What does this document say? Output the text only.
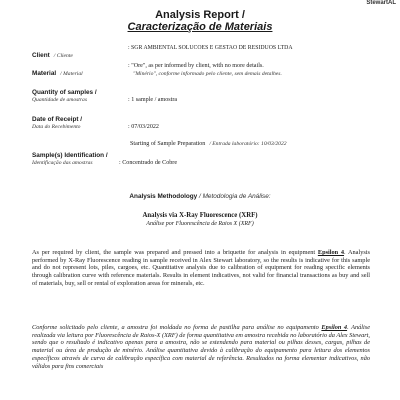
StewartAL
Analysis Report /
Caracterização de Materiais
Client / Cliente
: SGR AMBIENTAL SOLUCOES E GESTAO DE RESIDUOS LTDA
Material / Material
: "Ore", as per informed by client, with no more details.
"Minério", conforme informado pelo cliente, sem demais detalhes.
Quantity of samples /
Quantidade de amostras	: 1 sample / amostra
Date of Receipt /
Data do Recebimento	: 07/03/2022
Starting of Sample Preparation / Entrada laboratório: 10/03/2022
Sample(s) Identification /
Identificação das amostras	: Concentrado de Cobre
Analysis Methodology / Metodologia de Análise:
Analysis via X-Ray Fluorescence (XRF)
Análise por Fluorescência de Raios X (XRF)
As per required by client, the sample was prepared and pressed into a briquette for analysis in equipment Epsilon 4. Analysis performed by X-Ray Fluorescence reading in sample received in Alex Stewart laboratory, so the results is indicative for this sample and do not represent lots, piles, cargoes, etc. Quantitative analysis due to calibration of equipment for reading specific elements through calibration curve with reference materials. Results in element indicatives, not valid for financial transactions as buy and sell of materials, buy, sell or rental of exploration areas for minerals, etc.
Conforme solicitado pelo cliente, a amostra foi moldada no forma de pastilha para análise no equipamento Epsilon 4. Análise realizada via leitura por Fluorescência de Raios-X (XRF) de forma quantitativa em amostra recebida no laboratório da Alex Stewart, sendo que o resultado é indicativo apenas para a amostra, não se estendendo para material ou pilhas desses, cargas, pilhas de material ou área de produção de minério. Análise quantitativa devido à calibração do equipamento para leitura dos elementos específicos através de curva de calibração específica com material de referência. Resultados na forma elementar indicativos, não válidos para fins comerciais
